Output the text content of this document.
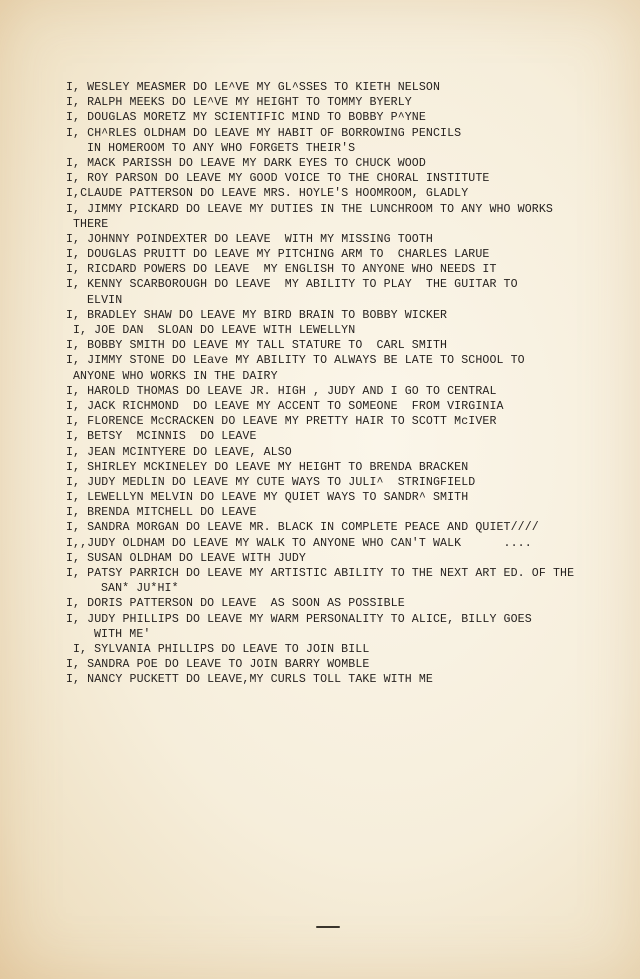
I, WESLEY MEASMER DO LE^VE MY GL^SSES TO KIETH NELSON
I, RALPH MEEKS DO LE^VE MY HEIGHT TO TOMMY BYERLY
I, DOUGLAS MORETZ MY SCIENTIFIC MIND TO BOBBY P^YNE
I, CH^RLES OLDHAM DO LEAVE MY HABIT OF BORROWING PENCILS
IN HOMEROOM TO ANY WHO FORGETS THEIR'S
I, MACK PARISSH DO LEAVE MY DARK EYES TO CHUCK WOOD
I, ROY PARSON DO LEAVE MY GOOD VOICE TO THE CHORAL INSTITUTE
I,CLAUDE PATTERSON DO LEAVE MRS. HOYLE'S HOOMROOM, GLADLY
I, JIMMY PICKARD DO LEAVE MY DUTIES IN THE LUNCHROOM TO ANY WHO WORKS
THERE
I, JOHNNY POINDEXTER DO LEAVE  WITH MY MISSING TOOTH
I, DOUGLAS PRUITT DO LEAVE MY PITCHING ARM TO  CHARLES LARUE
I, RICDARD POWERS DO LEAVE  MY ENGLISH TO ANYONE WHO NEEDS IT
I, KENNY SCARBOROUGH DO LEAVE  MY ABILITY TO PLAY  THE GUITAR TO
ELVIN
I, BRADLEY SHAW DO LEAVE MY BIRD BRAIN TO BOBBY WICKER
I, JOE DAN  SLOAN DO LEAVE WITH LEWELLYN
I, BOBBY SMITH DO LEAVE MY TALL STATURE TO  CARL SMITH
I, JIMMY STONE DO LEave MY ABILITY TO ALWAYS BE LATE TO SCHOOL TO
ANYONE WHO WORKS IN THE DAIRY
I, HAROLD THOMAS DO LEAVE JR. HIGH , JUDY AND I GO TO CENTRAL
I, JACK RICHMOND  DO LEAVE MY ACCENT TO SOMEONE  FROM VIRGINIA
I, FLORENCE McCRACKEN DO LEAVE MY PRETTY HAIR TO SCOTT McIVER
I, BETSY  MCINNIS  DO LEAVE
I, JEAN MCINTYERE DO LEAVE, ALSO
I, SHIRLEY MCKINELEY DO LEAVE MY HEIGHT TO BRENDA BRACKEN
I, JUDY MEDLIN DO LEAVE MY CUTE WAYS TO JULI^  STRINGFIELD
I, LEWELLYN MELVIN DO LEAVE MY QUIET WAYS TO SANDR^ SMITH
I, BRENDA MITCHELL DO LEAVE
I, SANDRA MORGAN DO LEAVE MR. BLACK IN COMPLETE PEACE AND QUIET////
I,,JUDY OLDHAM DO LEAVE MY WALK TO ANYONE WHO CAN'T WALK      ....
I, SUSAN OLDHAM DO LEAVE WITH JUDY
I, PATSY PARRICH DO LEAVE MY ARTISTIC ABILITY TO THE NEXT ART ED. OF THE
SAN* JU*HI*
I, DORIS PATTERSON DO LEAVE  AS SOON AS POSSIBLE
I, JUDY PHILLIPS DO LEAVE MY WARM PERSONALITY TO ALICE, BILLY GOES
WITH ME'
I, SYLVANIA PHILLIPS DO LEAVE TO JOIN BILL
I, SANDRA POE DO LEAVE TO JOIN BARRY WOMBLE
I, NANCY PUCKETT DO LEAVE,MY CURLS TOLL TAKE WITH ME
